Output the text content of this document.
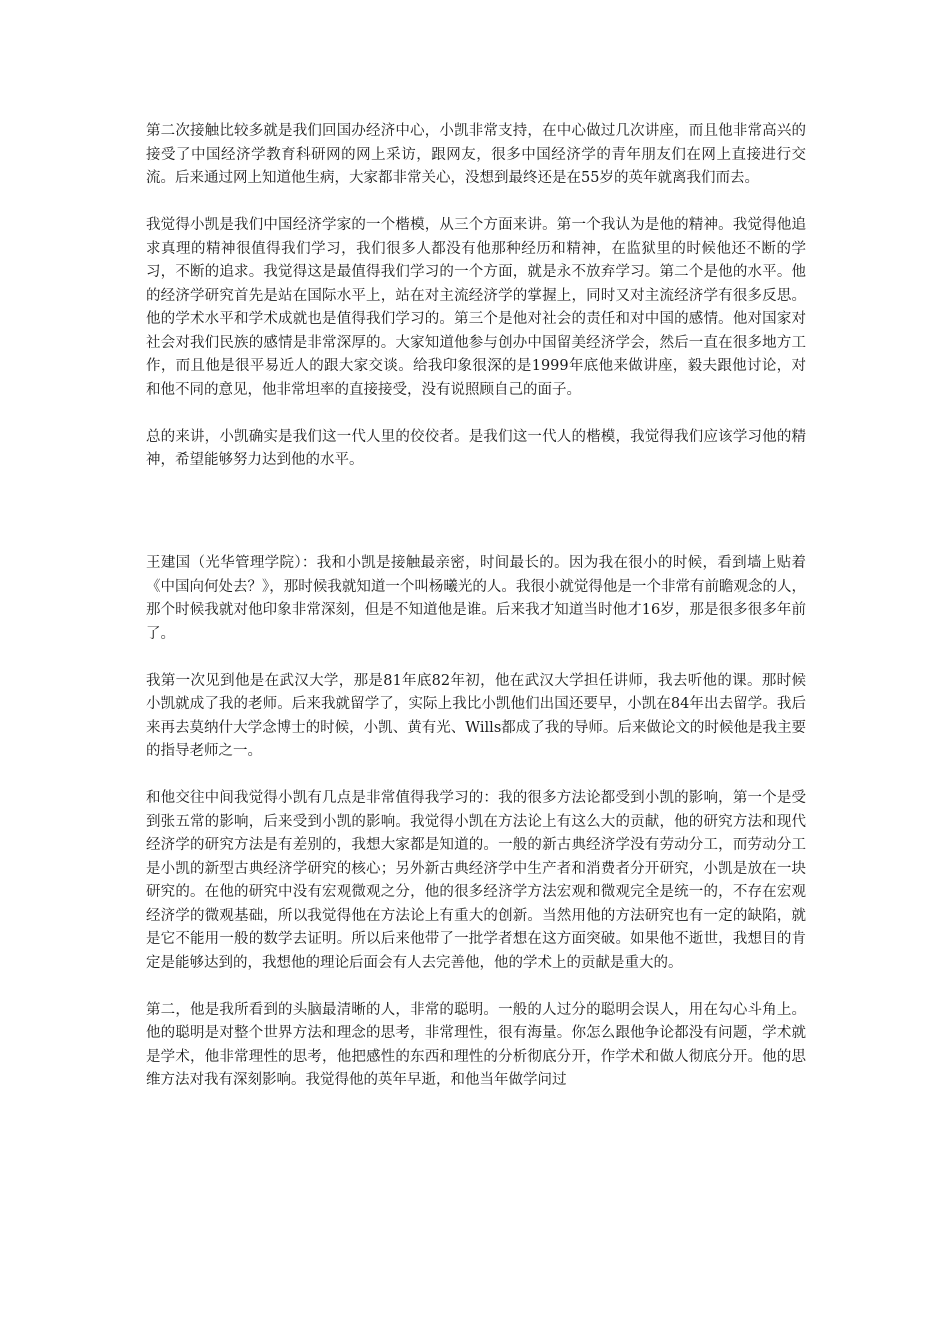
第二次接触比较多就是我们回国办经济中心，小凯非常支持，在中心做过几次讲座，而且他非常高兴的接受了中国经济学教育科研网的网上采访，跟网友，很多中国经济学的青年朋友们在网上直接进行交流。后来通过网上知道他生病，大家都非常关心，没想到最终还是在55岁的英年就离我们而去。

我觉得小凯是我们中国经济学家的一个楷模，从三个方面来讲。第一个我认为是他的精神。我觉得他追求真理的精神很值得我们学习，我们很多人都没有他那种经历和精神，在监狱里的时候他还不断的学习，不断的追求。我觉得这是最值得我们学习的一个方面，就是永不放弃学习。第二个是他的水平。他的经济学研究首先是站在国际水平上，站在对主流经济学的掌握上，同时又对主流经济学有很多反思。他的学术水平和学术成就也是值得我们学习的。第三个是他对社会的责任和对中国的感情。他对国家对社会对我们民族的感情是非常深厚的。大家知道他参与创办中国留美经济学会，然后一直在很多地方工作，而且他是很平易近人的跟大家交谈。给我印象很深的是1999年底他来做讲座，毅夫跟他讨论，对和他不同的意见，他非常坦率的直接接受，没有说照顾自己的面子。

总的来讲，小凯确实是我们这一代人里的佼佼者。是我们这一代人的楷模，我觉得我们应该学习他的精神，希望能够努力达到他的水平。

王建国（光华管理学院）：我和小凯是接触最亲密，时间最长的。因为我在很小的时候，看到墙上贴着《中国向何处去？》，那时候我就知道一个叫杨曦光的人。我很小就觉得他是一个非常有前瞻观念的人，那个时候我就对他印象非常深刻，但是不知道他是谁。后来我才知道当时他才16岁，那是很多很多年前了。

我第一次见到他是在武汉大学，那是81年底82年初，他在武汉大学担任讲师，我去听他的课。那时候小凯就成了我的老师。后来我就留学了，实际上我比小凯他们出国还要早，小凯在84年出去留学。我后来再去莫纳什大学念博士的时候，小凯、黄有光、Wills都成了我的导师。后来做论文的时候他是我主要的指导老师之一。

和他交往中间我觉得小凯有几点是非常值得我学习的：我的很多方法论都受到小凯的影响，第一个是受到张五常的影响，后来受到小凯的影响。我觉得小凯在方法论上有这么大的贡献，他的研究方法和现代经济学的研究方法是有差别的，我想大家都是知道的。一般的新古典经济学没有劳动分工，而劳动分工是小凯的新型古典经济学研究的核心；另外新古典经济学中生产者和消费者分开研究，小凯是放在一块研究的。在他的研究中没有宏观微观之分，他的很多经济学方法宏观和微观完全是统一的，不存在宏观经济学的微观基础，所以我觉得他在方法论上有重大的创新。当然用他的方法研究也有一定的缺陷，就是它不能用一般的数学去证明。所以后来他带了一批学者想在这方面突破。如果他不逝世，我想目的肯定是能够达到的，我想他的理论后面会有人去完善他，他的学术上的贡献是重大的。

第二，他是我所看到的头脑最清晰的人，非常的聪明。一般的人过分的聪明会误人，用在勾心斗角上。他的聪明是对整个世界方法和理念的思考，非常理性，很有海量。你怎么跟他争论都没有问题，学术就是学术，他非常理性的思考，他把感性的东西和理性的分析彻底分开，作学术和做人彻底分开。他的思维方法对我有深刻影响。我觉得他的英年早逝，和他当年做学问过
